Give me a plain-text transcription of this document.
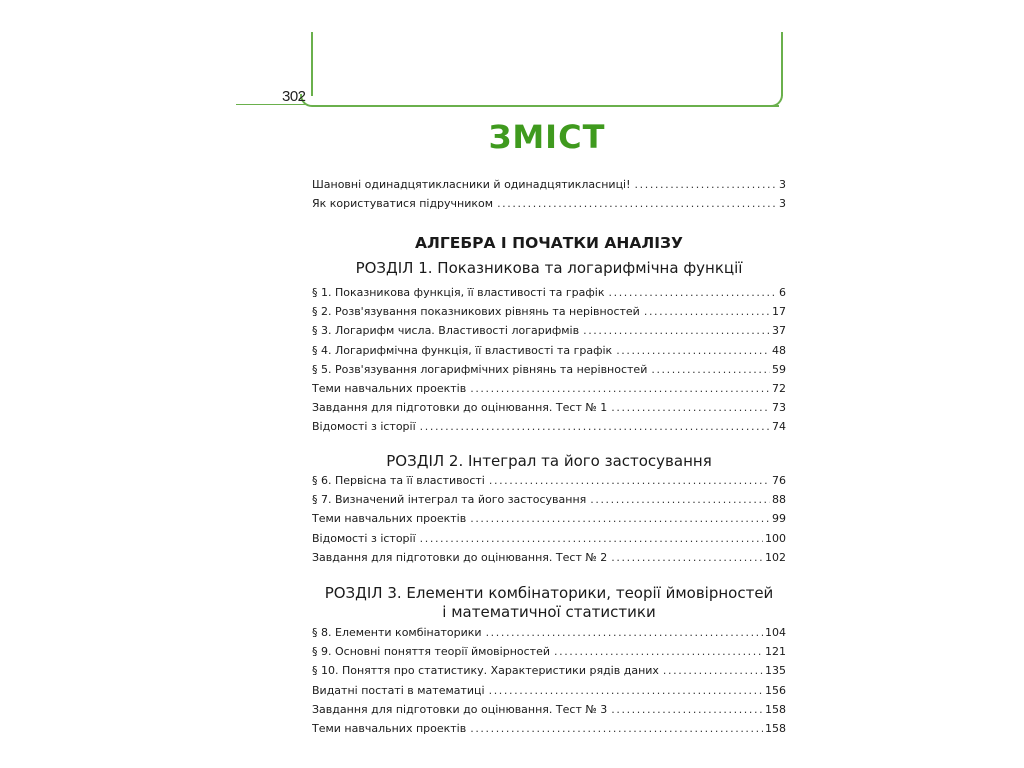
302
ЗМІСТ
Шановні одинадцятикласники й одинадцятикласниці! .....	3
Як користуватися підручником .....	3
АЛГЕБРА І ПОЧАТКИ АНАЛІЗУ
РОЗДІЛ 1. Показникова та логарифмічна функції
§ 1. Показникова функція, її властивості та графік .....	6
§ 2. Розв'язування показникових рівнянь та нерівностей .....	17
§ 3. Логарифм числа. Властивості логарифмів .....	37
§ 4. Логарифмічна функція, її властивості та графік .....	48
§ 5. Розв'язування логарифмічних рівнянь та нерівностей .....	59
Теми навчальних проектів .....	72
Завдання для підготовки до оцінювання. Тест № 1 .....	73
Відомості з історії .....	74
РОЗДІЛ 2. Інтеграл та його застосування
§ 6. Первісна та її властивості .....	76
§ 7. Визначений інтеграл та його застосування .....	88
Теми навчальних проектів .....	99
Відомості з історії .....	100
Завдання для підготовки до оцінювання. Тест № 2 .....	102
РОЗДІЛ 3. Елементи комбінаторики, теорії ймовірностей
і математичної статистики
§ 8. Елементи комбінаторики .....	104
§ 9. Основні поняття теорії ймовірностей .....	121
§ 10. Поняття про статистику. Характеристики рядів даних .....	135
Видатні постаті в математиці .....	156
Завдання для підготовки до оцінювання. Тест № 3 .....	158
Теми навчальних проектів .....	158
